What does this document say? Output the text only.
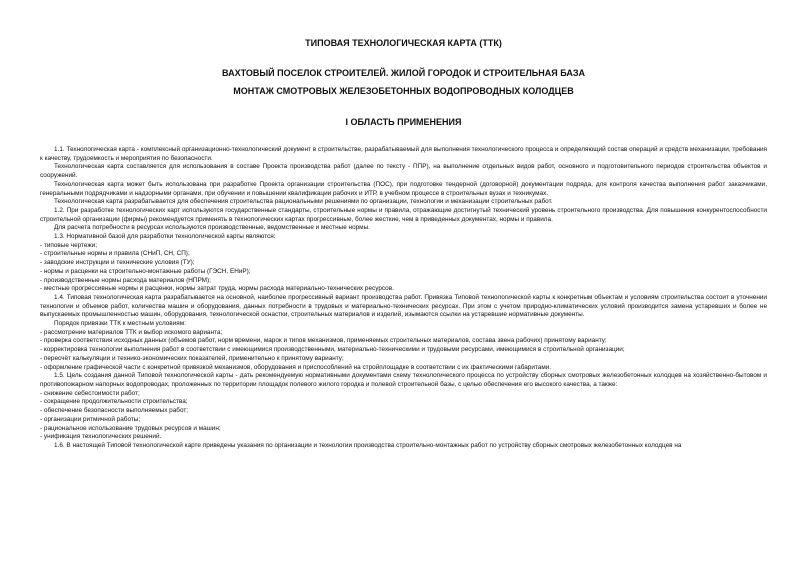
ТИПОВАЯ ТЕХНОЛОГИЧЕСКАЯ КАРТА (ТТК)
ВАХТОВЫЙ ПОСЕЛОК СТРОИТЕЛЕЙ. ЖИЛОЙ ГОРОДОК И СТРОИТЕЛЬНАЯ БАЗА
МОНТАЖ СМОТРОВЫХ ЖЕЛЕЗОБЕТОННЫХ ВОДОПРОВОДНЫХ КОЛОДЦЕВ
I ОБЛАСТЬ ПРИМЕНЕНИЯ

1.1. Технологическая карта - комплексный организационно-технологический документ в строительстве, разрабатываемый для выполнения технологического процесса и определяющий состав операций и средств механизации, требования к качеству, трудоемкость и мероприятия по безопасности.

Технологическая карта составляется для использования в составе Проекта производства работ (далее по тексту - ППР), на выполнение отдельных видов работ, основного и подготовительного периодов строительства объектов и сооружений.

Технологическая карта может быть использована при разработке Проекта организации строительства (ПОС), при подготовке тендерной (договорной) документации подряда, для контроля качества выполнения работ заказчиками, генеральными подрядчиками и надзорными органами, при обучении и повышении квалификации рабочих и ИТР, в учебном процессе в строительных вузах и техникумах.

Технологическая карта разрабатывается для обеспечения строительства рациональными решениями по организации, технологии и механизации строительных работ.

1.2. При разработке технологических карт используются государственные стандарты, строительные нормы и правила, отражающие достигнутый технический уровень строительного производства. Для повышения конкурентоспособности строительной организации (фирмы) рекомендуется применять в технологических картах прогрессивные, более жесткие, чем в приведенных документах, нормы и правила.

Для расчета потребности в ресурсах используются производственные, ведомственные и местные нормы.

1.3. Нормативной базой для разработки технологической карты являются:

- типовые чертежи;

- строительные нормы и правила (СНиП, СН, СП);

- заводские инструкции и технические условия (ТУ);

- нормы и расценки на строительно-монтажные работы (ГЭСН, ЕНиР);

- производственные нормы расхода материалов (НПРМ);

- местные прогрессивные нормы и расценки, нормы затрат труда, нормы расхода материально-технических ресурсов.

1.4. Типовая технологическая карта разрабатывается на основной, наиболее прогрессивный вариант производства работ. Привязка Типовой технологической карты к конкретным объектам и условиям строительства состоит в уточнении технологии и объемов работ, количества машин и оборудования, данных потребности в трудовых и материально-технических ресурсах. При этом с учетом природно-климатических условий производится замена устаревших и более не выпускаемых промышленностью машин, оборудования, технологической оснастки, строительных материалов и изделий, изымаются ссылки на устаревшие нормативные документы.

Порядок привязки ТТК к местным условиям:

- рассмотрение материалов ТТК и выбор искомого варианта;

- проверка соответствия исходных данных (объемов работ, норм времени, марок и типов механизмов, применяемых строительных материалов, состава звена рабочих) принятому варианту;

- корректировка технологии выполнения работ в соответствии с имеющимися производственными, материально-техническими и трудовыми ресурсами, имеющимися в строительной организации;

- пересчёт калькуляции и технико-экономических показателей, применительно к принятому варианту;

- оформление графической части с конкретной привязкой механизмов, оборудования и приспособлений на стройплощадке в соответствии с их фактическими габаритами.

1.5. Цель создания данной Типовой технологической карты - дать рекомендуемую нормативными документами схему технологического процесса по устройству сборных смотровых железобетонных колодцев на хозяйственно-бытовом и противопожарном напорных водопроводах, проложенных по территории площадок полевого жилого городка и полевой строительной базы, с целью обеспечения его высокого качества, а также:

- снижение себестоимости работ;

- сокращение продолжительности строительства;

- обеспечение безопасности выполняемых работ;

- организации ритмичной работы;

- рациональное использование трудовых ресурсов и машин;

- унификация технологических решений.

1.6. В настоящей Типовой технологической карте приведены указания по организации и технологии производства строительно-монтажных работ по устройству сборных смотровых железобетонных колодцев на
